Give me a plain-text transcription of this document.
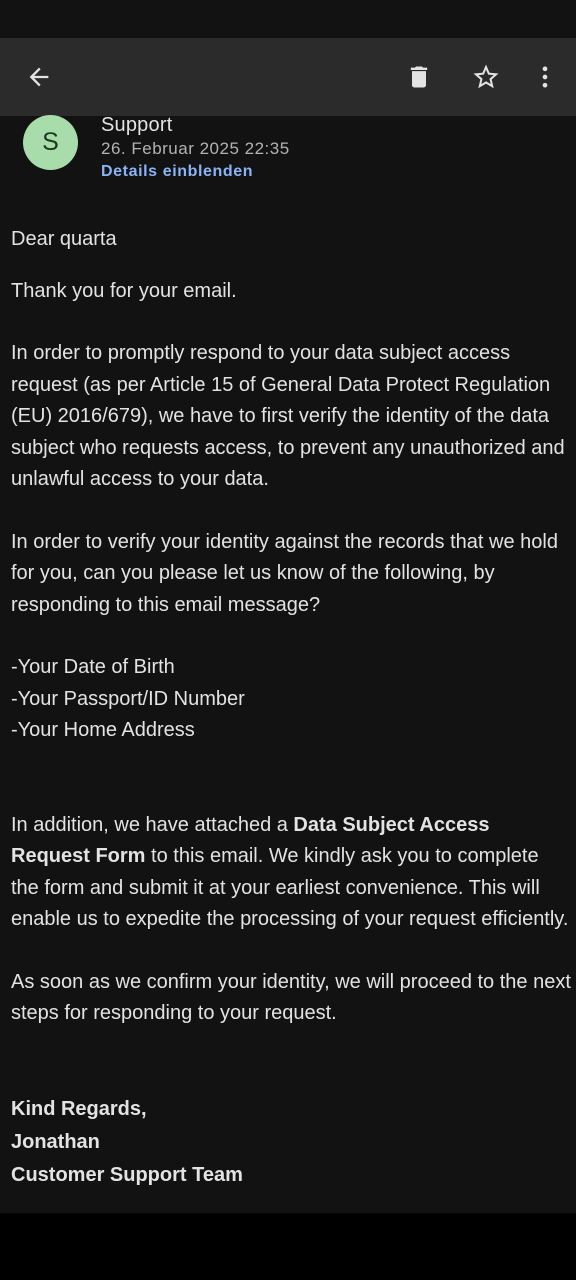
S
Support
26. Februar 2025 22:35
Details einblenden

Dear quarta

Thank you for your email.

In order to promptly respond to your data subject access request (as per Article 15 of General Data Protect Regulation (EU) 2016/679), we have to first verify the identity of the data subject who requests access, to prevent any unauthorized and unlawful access to your data.

In order to verify your identity against the records that we hold for you, can you please let us know of the following, by responding to this email message?

-Your Date of Birth

-Your Passport/ID Number

-Your Home Address

In addition, we have attached a Data Subject Access Request Form to this email. We kindly ask you to complete the form and submit it at your earliest convenience. This will enable us to expedite the processing of your request efficiently.

As soon as we confirm your identity, we will proceed to the next steps for responding to your request.

Kind Regards,

Jonathan

Customer Support Team
